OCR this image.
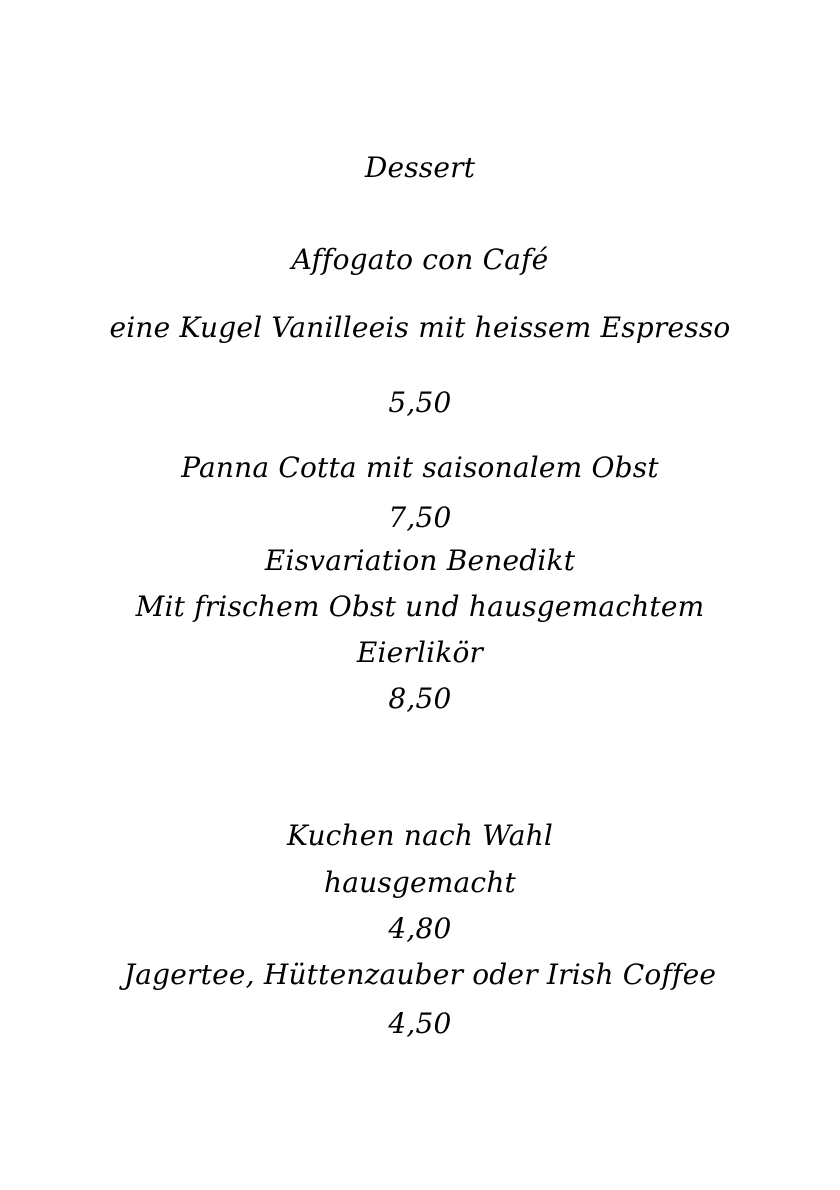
Dessert
Affogato con Café
eine Kugel Vanilleeis mit heissem Espresso
5,50
Panna Cotta mit saisonalem Obst
7,50
Eisvariation Benedikt
Mit frischem Obst und hausgemachtem
Eierlikör
8,50
Kuchen nach Wahl
hausgemacht
4,80
Jagertee, Hüttenzauber oder Irish Coffee
4,50
